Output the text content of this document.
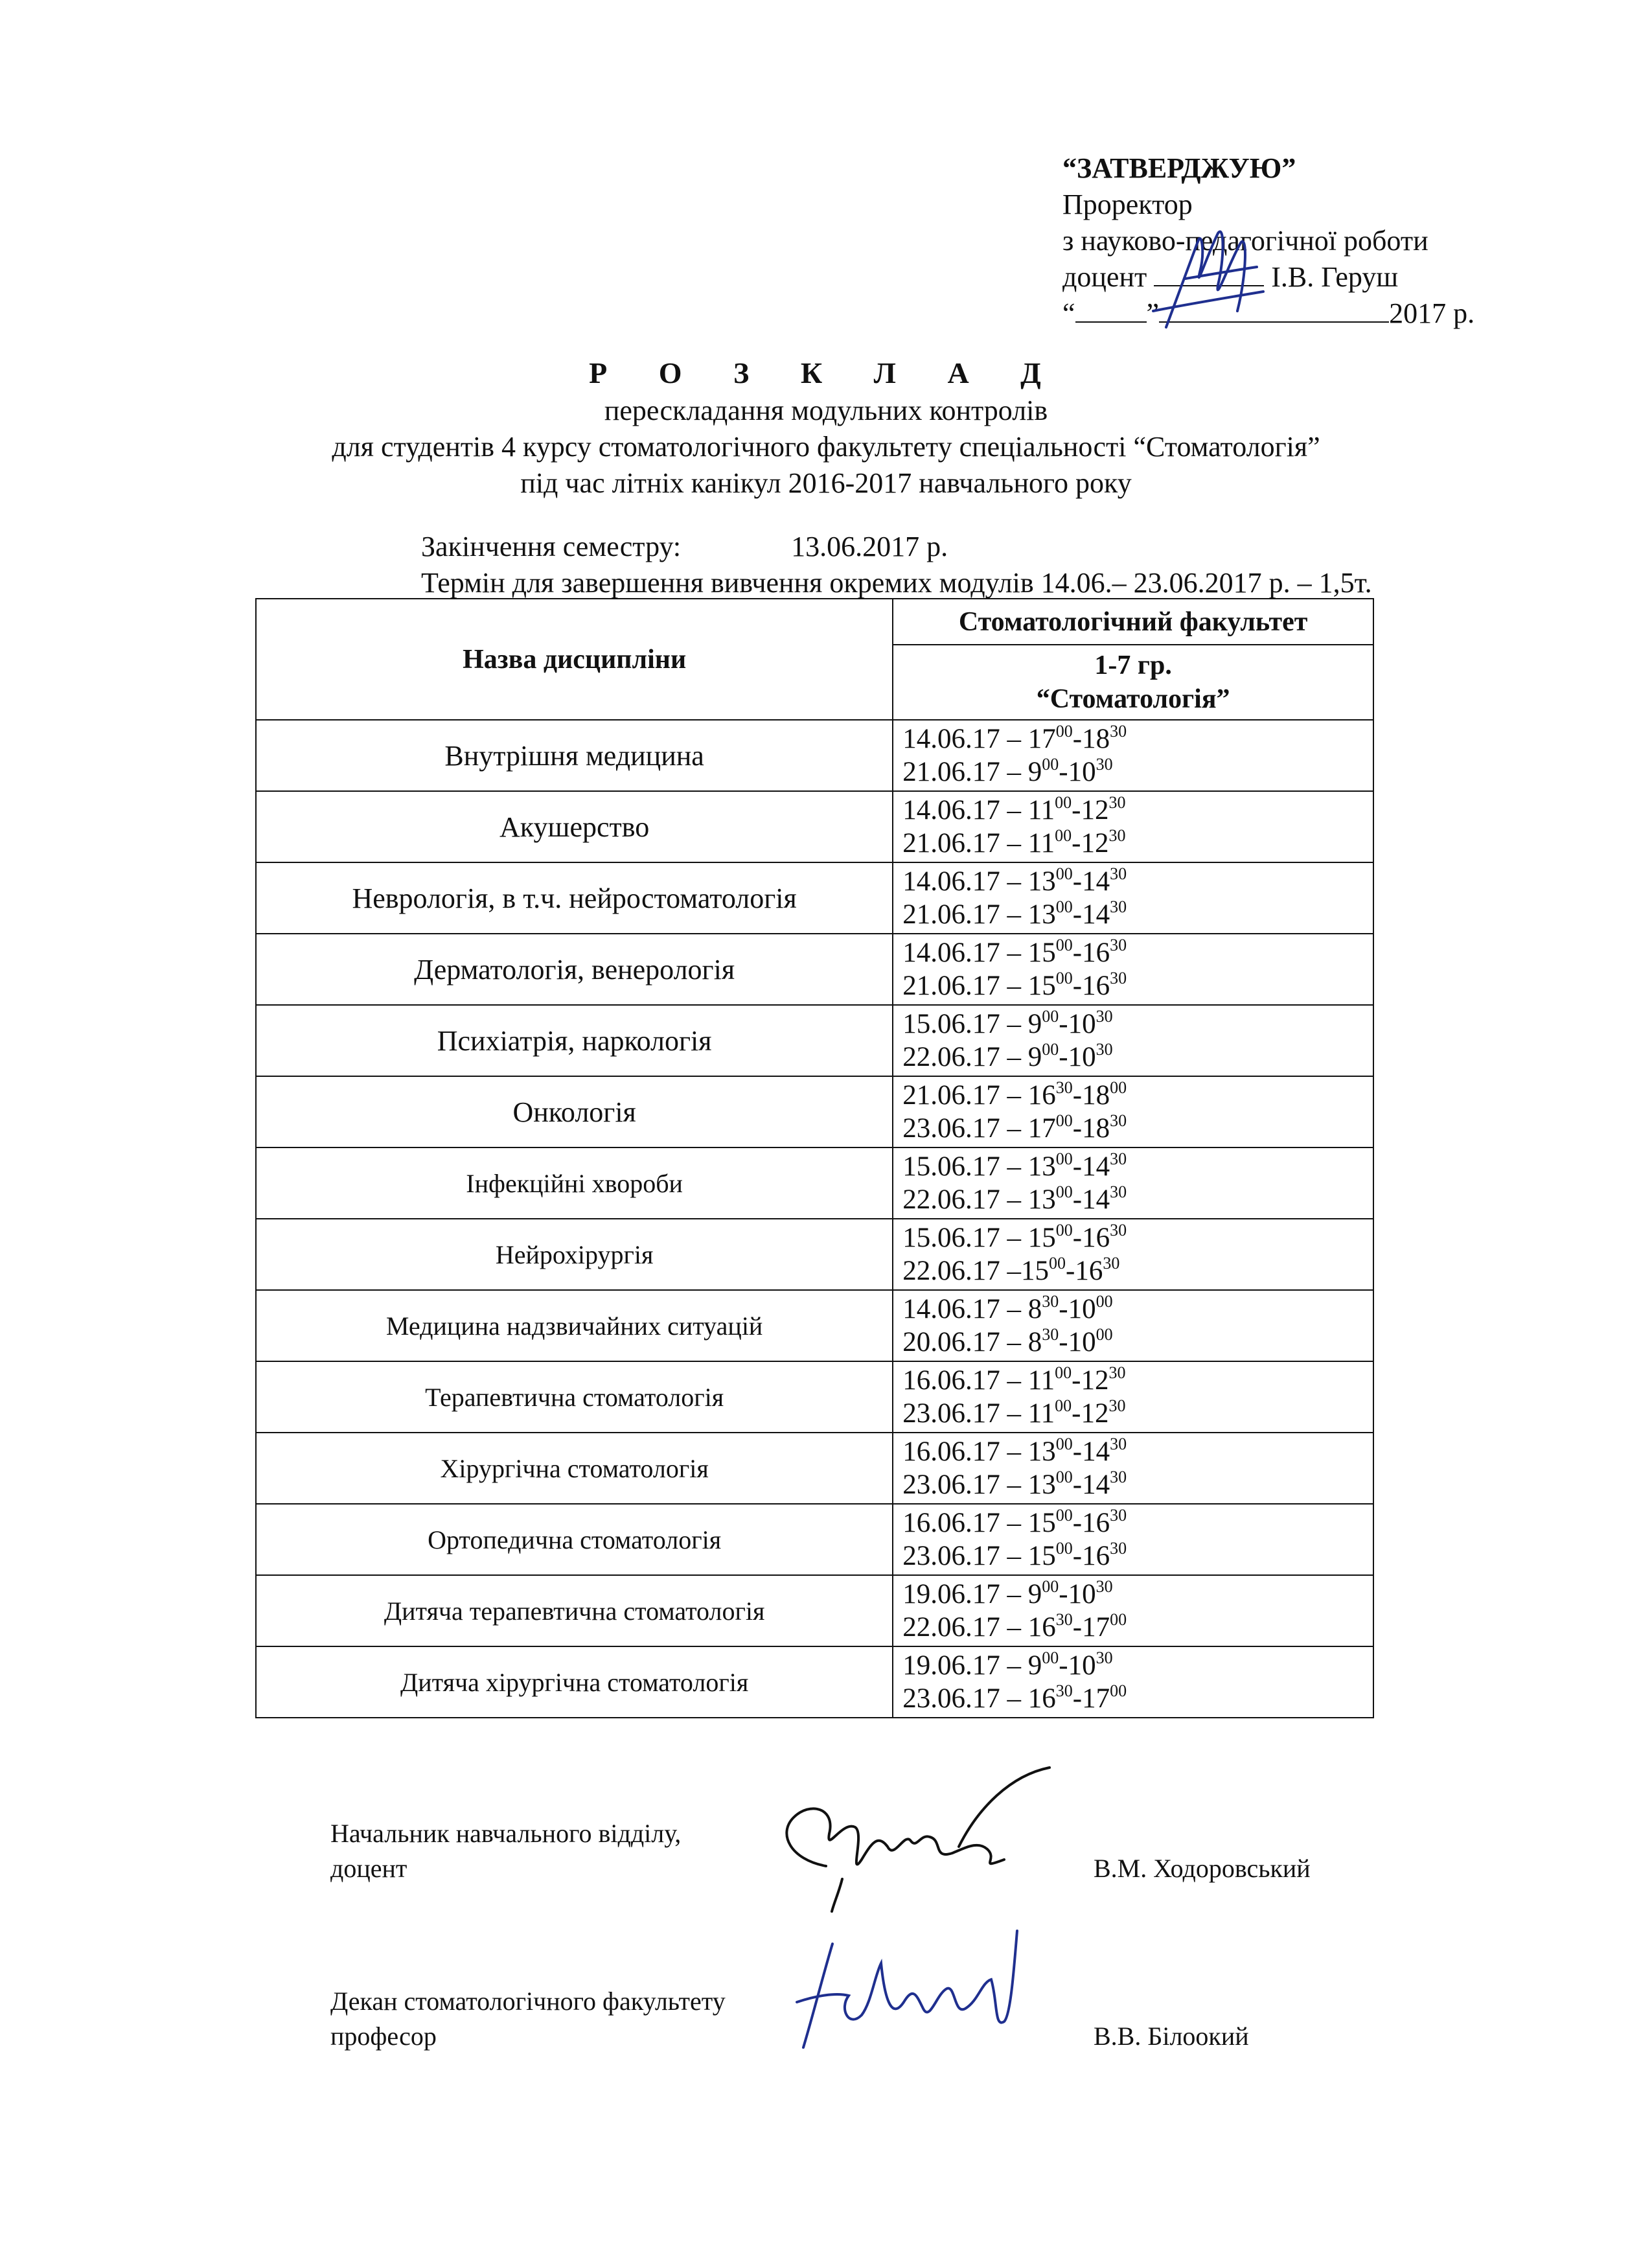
“ЗАТВЕРДЖУЮ”
Проректор
з науково-педагогічної роботи
доцент	І.В. Геруш
“	”	2017 р.
Р О З К Л А Д
перескладання модульних контролів
для студентів 4 курсу стоматологічного факультету спеціальності “Стоматологія”
під час літніх канікул 2016-2017 навчального року
Закінчення семестру:	13.06.2017 р.
Термін для завершення вивчення окремих модулів 14.06.– 23.06.2017 р. – 1,5т.
Назва дисципліни	Стоматологічний факультет

	1-7 гр.
“Стоматологія”

Внутрішня медицина	$14.06.17 - 17^{00}-18^{30}$
$21.06.17 - 9^{00}-10^{30}$

Акушерство	$14.06.17 - 11^{00}-12^{30}$
$21.06.17 - 11^{00}-12^{30}$

Неврологія, в т.ч. нейростоматологія	$14.06.17 - 13^{00}-14^{30}$
$21.06.17 - 13^{00}-14^{30}$

Дерматологія, венерологія	$14.06.17 - 15^{00}-16^{30}$
$21.06.17 - 15^{00}-16^{30}$

Психіатрія, наркологія	$15.06.17 - 9^{00}-10^{30}$
$22.06.17 - 9^{00}-10^{30}$

Онкологія	$21.06.17 - 16^{30}-18^{00}$
$23.06.17 - 17^{00}-18^{30}$

Інфекційні хвороби	$15.06.17 - 13^{00}-14^{30}$
$22.06.17 - 13^{00}-14^{30}$

Нейрохірургія	$15.06.17 - 15^{00}-16^{30}$
22.06.17 $-15^{00}-16^{30}$

Медицина надзвичайних ситуацій	$14.06.17 - 8^{30}-10^{00}$
$20.06.17 - 8^{30}-10^{00}$

Терапевтична стоматологія	$16.06.17 - 11^{00}-12^{30}$
$23.06.17 - 11^{00}-12^{30}$

Хірургічна стоматологія	$16.06.17 - 13^{00}-14^{30}$
$23.06.17 - 13^{00}-14^{30}$

Ортопедична стоматологія	$16.06.17 - 15^{00}-16^{30}$
$23.06.17 - 15^{00}-16^{30}$

Дитяча терапевтична стоматологія	$19.06.17 - 9^{00}-10^{30}$
$22.06.17 - 16^{30}-17^{00}$

Дитяча хірургічна стоматологія	$19.06.17 - 9^{00}-10^{30}$
$23.06.17 - 16^{30}-17^{00}$
Начальник навчального відділу,
доцент	В.М. Ходоровський
Декан стоматологічного факультету
професор	В.В. Білоокий
